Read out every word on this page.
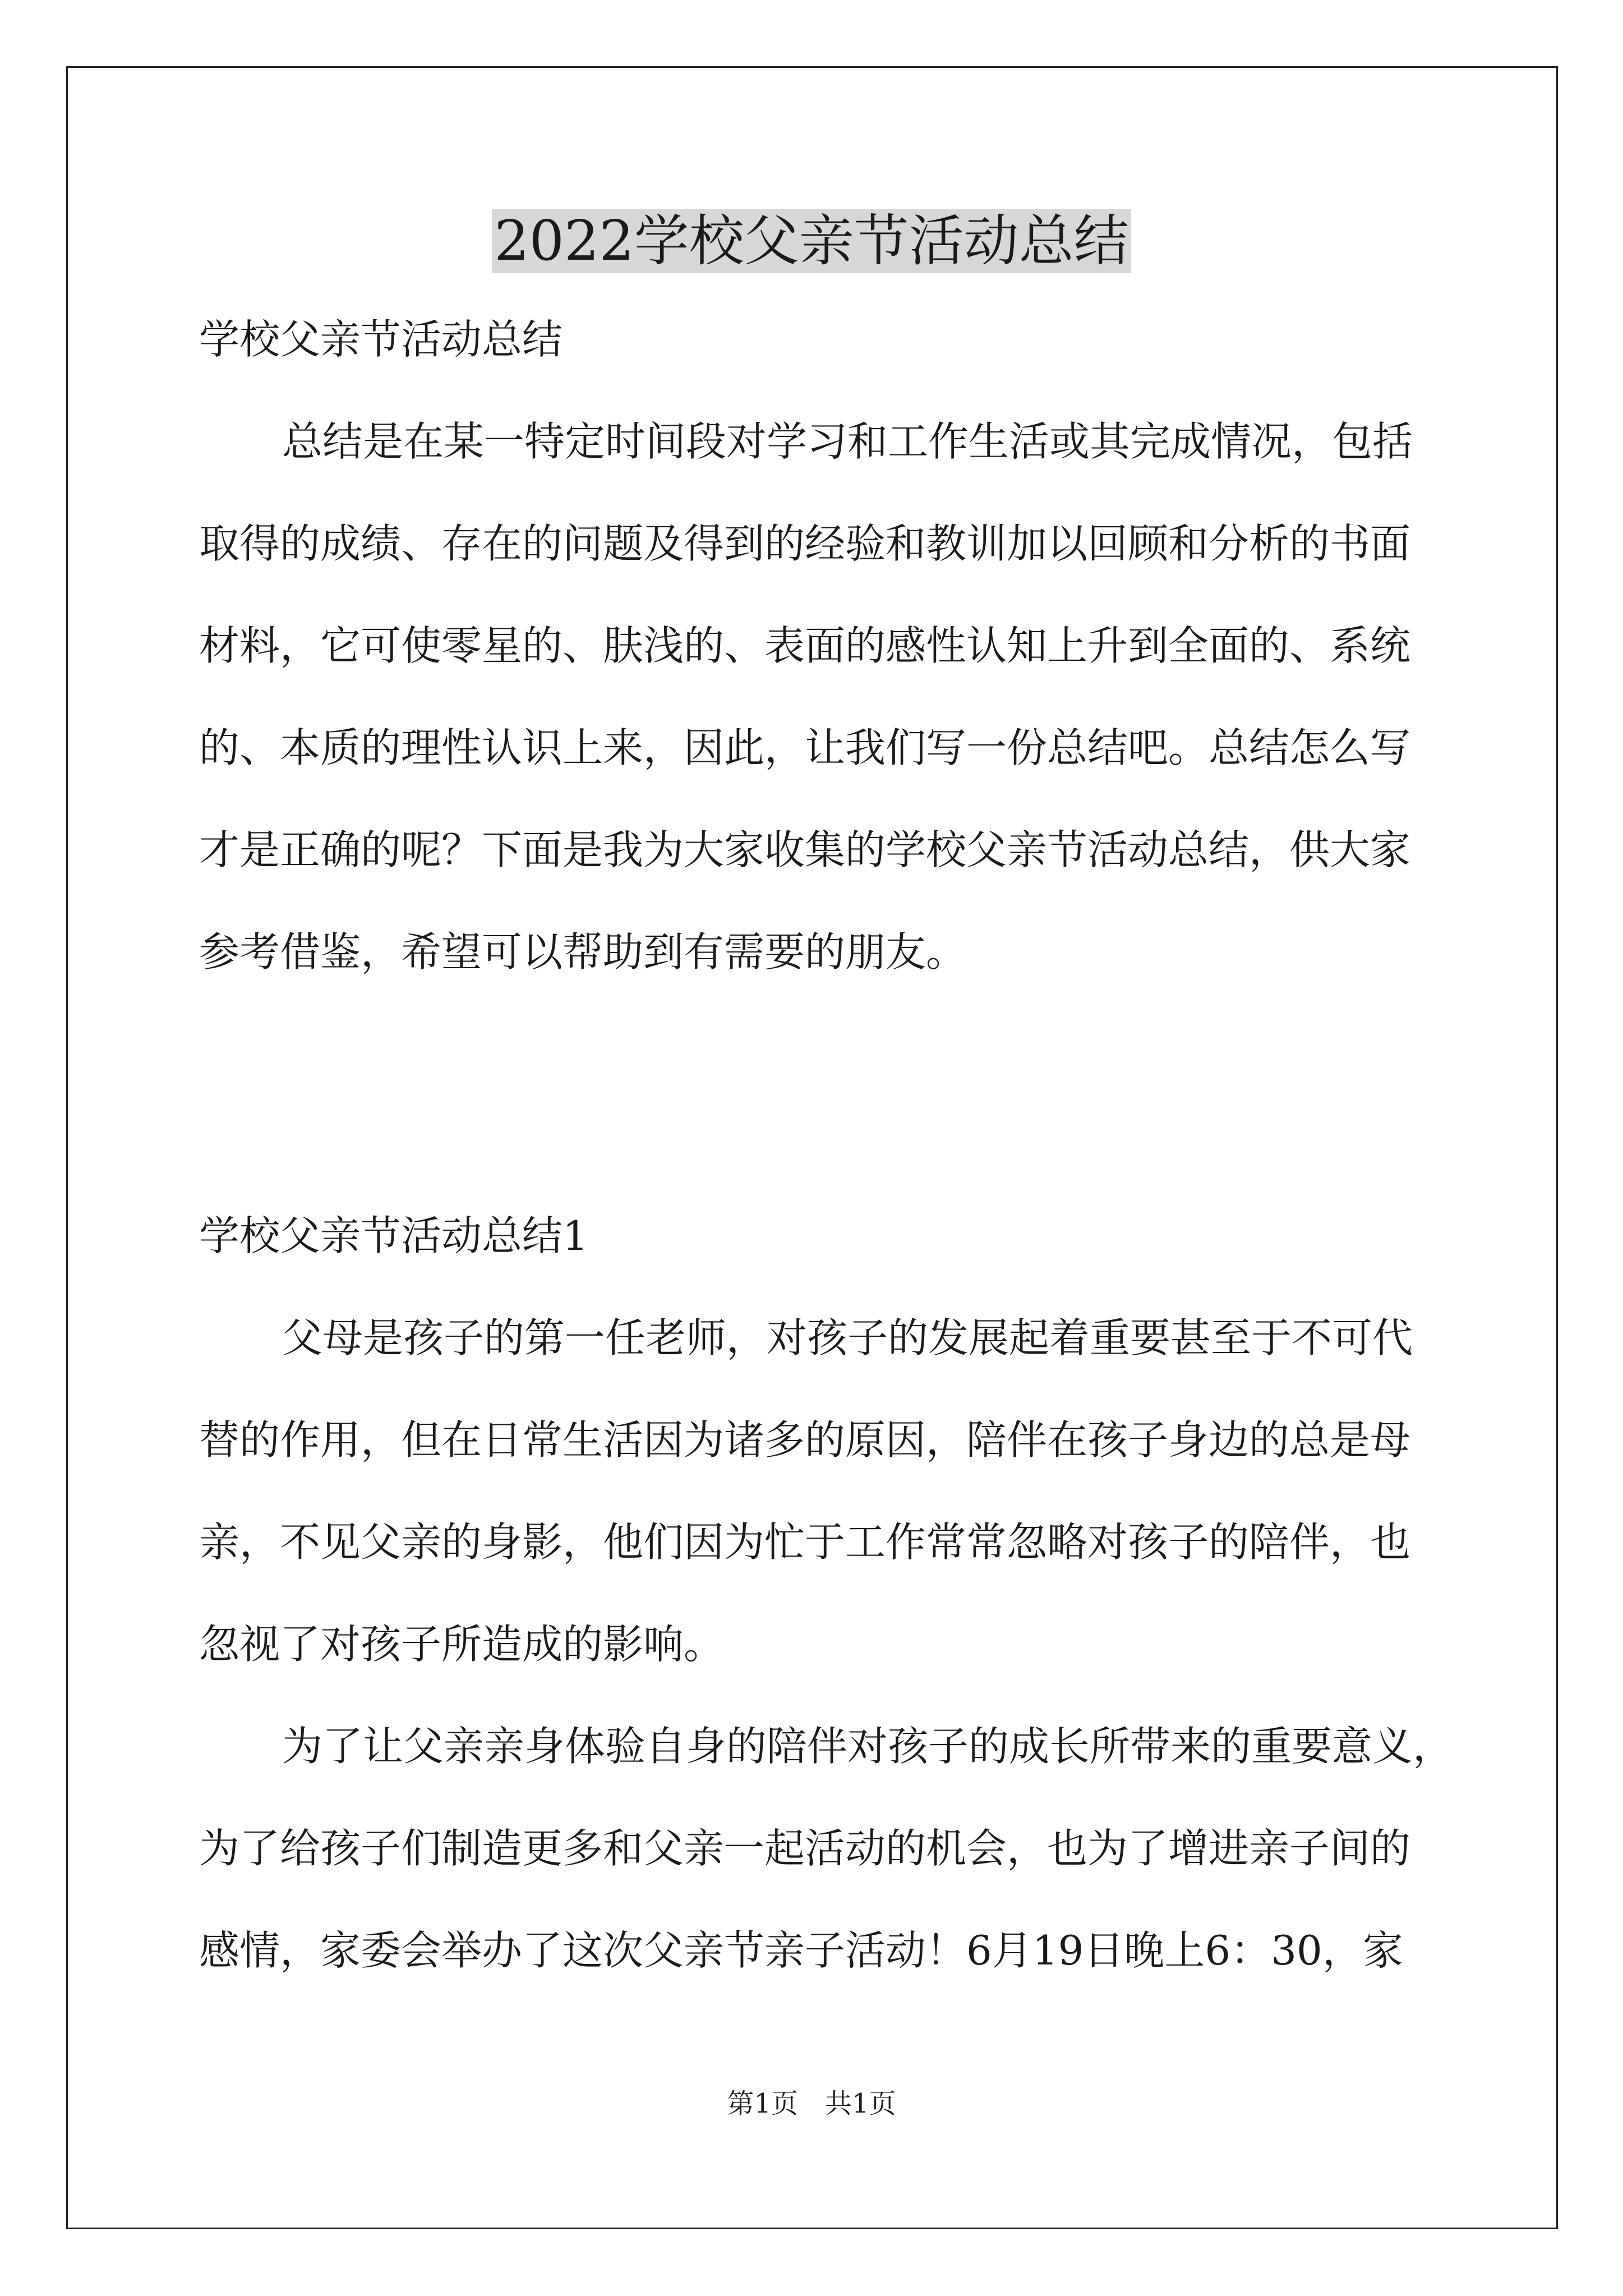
2022学校父亲节活动总结
学校父亲节活动总结
总结是在某一特定时间段对学习和工作生活或其完成情况，包括
取得的成绩、存在的问题及得到的经验和教训加以回顾和分析的书面
材料，它可使零星的、肤浅的、表面的感性认知上升到全面的、系统
的、本质的理性认识上来，因此，让我们写一份总结吧。总结怎么写
才是正确的呢？下面是我为大家收集的学校父亲节活动总结，供大家
参考借鉴，希望可以帮助到有需要的朋友。
学校父亲节活动总结1
父母是孩子的第一任老师，对孩子的发展起着重要甚至于不可代
替的作用，但在日常生活因为诸多的原因，陪伴在孩子身边的总是母
亲，不见父亲的身影，他们因为忙于工作常常忽略对孩子的陪伴，也
忽视了对孩子所造成的影响。
为了让父亲亲身体验自身的陪伴对孩子的成长所带来的重要意义，
为了给孩子们制造更多和父亲一起活动的机会，也为了增进亲子间的
感情，家委会举办了这次父亲节亲子活动！6月19日晚上6：30，家
第1页 共1页
